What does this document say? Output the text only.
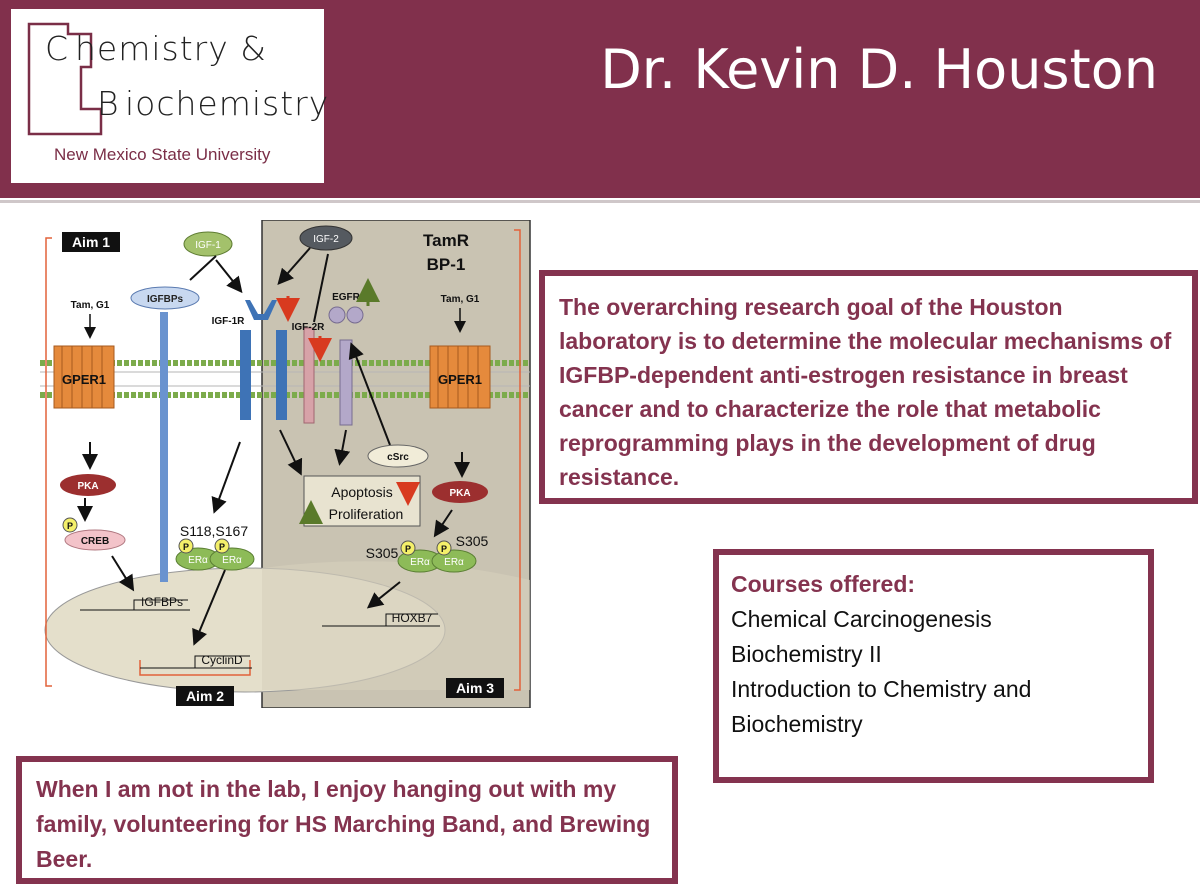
C hemistry &
B iochemistry
New Mexico State University
Dr. Kevin D. Houston
Aim 1
Aim 2	Aim 3
TamR
BP-1
IGF-1
IGF-2
IGFBPs
IGF-1R
IGF-2R
EGFR
GPER1
Tam, G1
GPER1
Tam, G1
cSrc
Apoptosis
Proliferation
PKA
PKA
CREB
P	S118,S167
ERα ERα
P	P	S305
S305
ERα ERα
P	P
IGFBPs
CyclinD
HOXB7

The overarching research goal of the Houston laboratory is to determine the molecular mechanisms of IGFBP-dependent anti-estrogen resistance in breast cancer and to characterize the role that metabolic reprogramming plays in the development of drug resistance.

Courses offered:
Chemical Carcinogenesis
Biochemistry II
Introduction to Chemistry and Biochemistry

When I am not in the lab, I enjoy hanging out with my family, volunteering for HS Marching Band, and Brewing Beer.
